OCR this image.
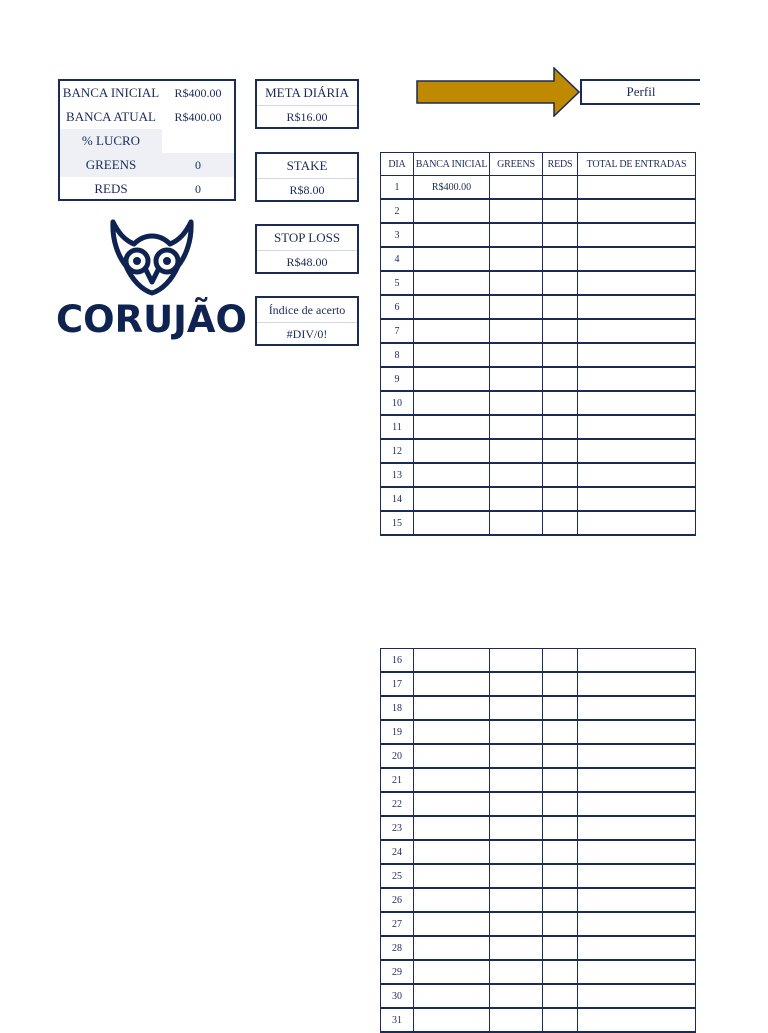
BANCA INICIAL	R$400.00
BANCA ATUAL	R$400.00
% LUCRO
GREENS	0
REDS	0
META DIÁRIA
R$16.00
STAKE
R$8.00
STOP LOSS
R$48.00
Índice de acerto
#DIV/0!
Perfil
CORUJÃO
DIA	BANCA INICIAL	GREENS	REDS	TOTAL DE ENTRADAS
1	R$400.00			
2				
3				
4				
5				
6				
7				
8				
9				
10				
11				
12				
13				
14				
15				
16				
17				
18				
19				
20				
21				
22				
23				
24				
25				
26				
27				
28				
29				
30				
31				
